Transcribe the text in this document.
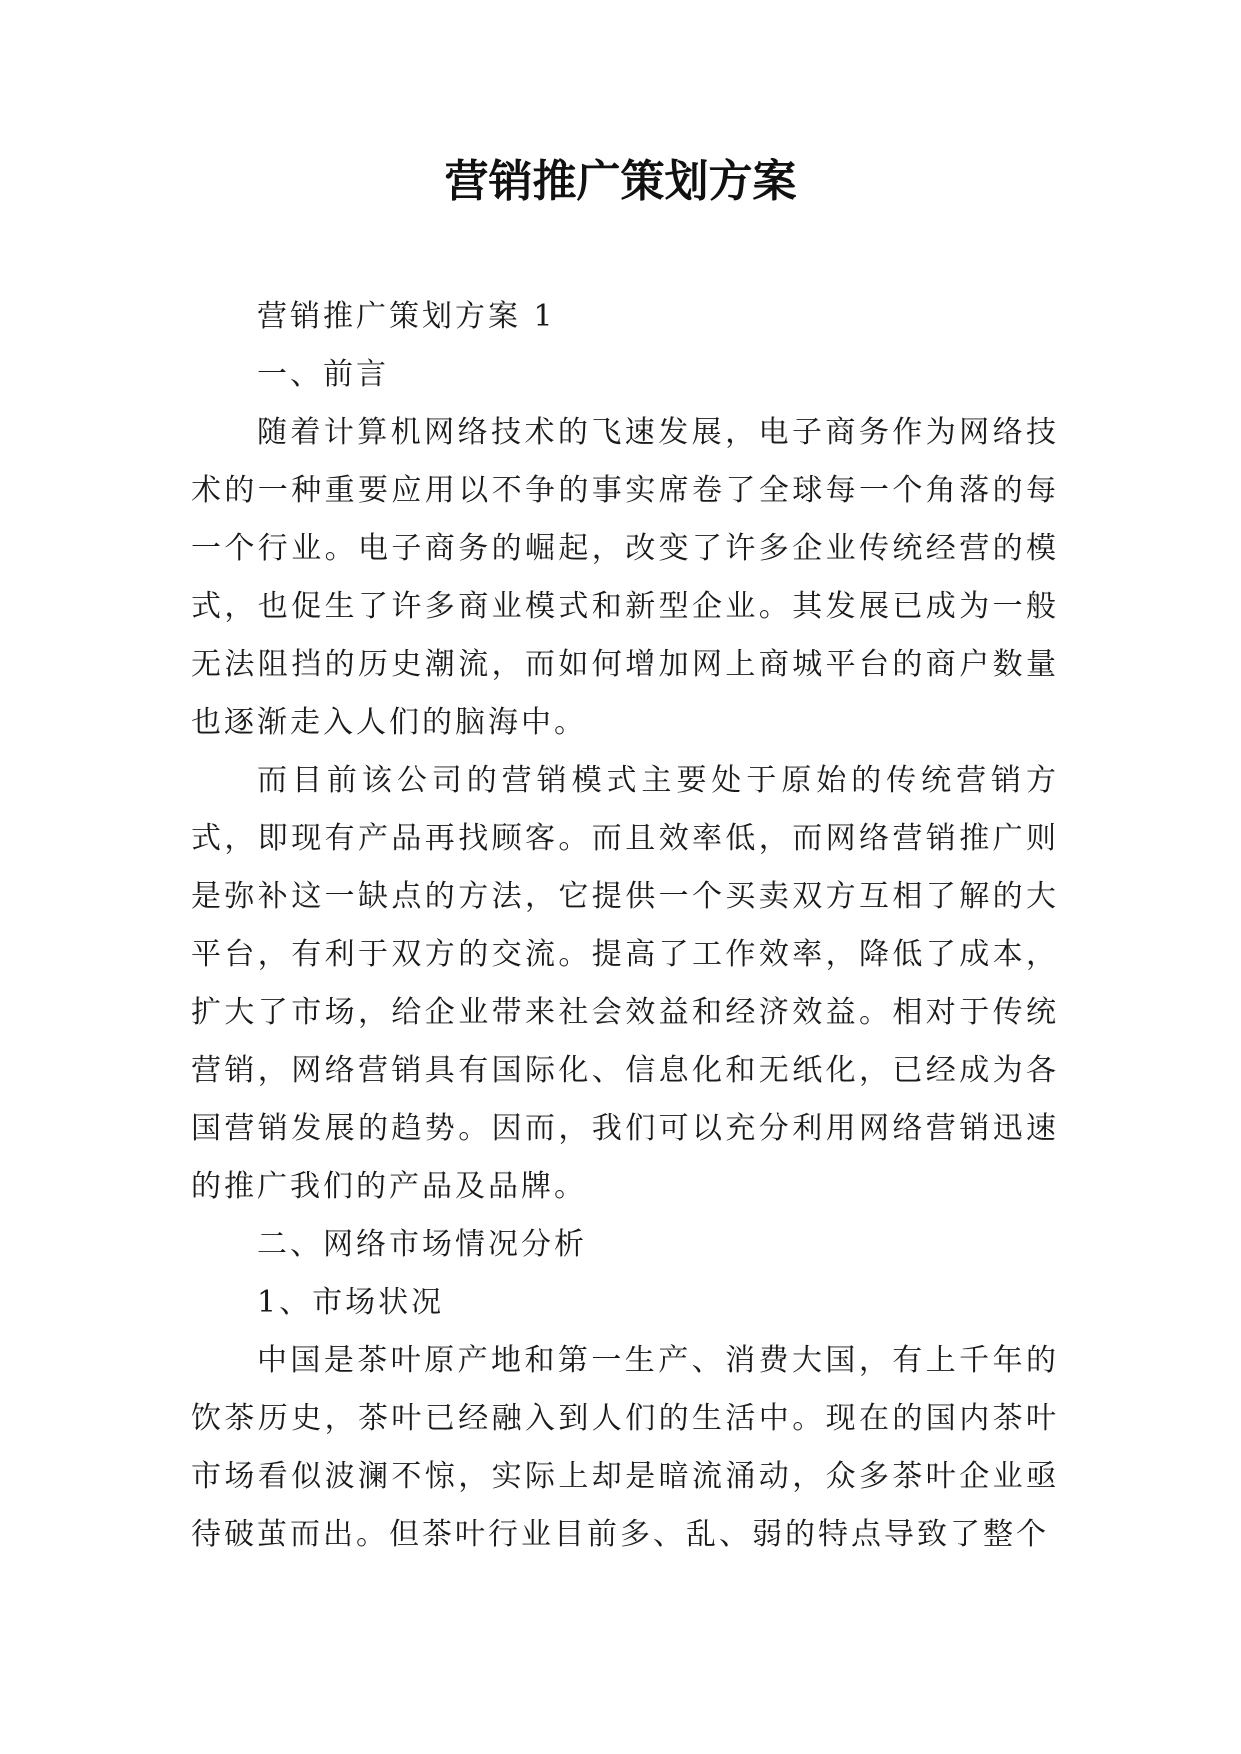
营销推广策划方案

营销推广策划方案 1

一、前言

随着计算机网络技术的飞速发展，电子商务作为网络技术的一种重要应用以不争的事实席卷了全球每一个角落的每一个行业。电子商务的崛起，改变了许多企业传统经营的模式，也促生了许多商业模式和新型企业。其发展已成为一般无法阻挡的历史潮流，而如何增加网上商城平台的商户数量也逐渐走入人们的脑海中。

而目前该公司的营销模式主要处于原始的传统营销方式，即现有产品再找顾客。而且效率低，而网络营销推广则是弥补这一缺点的方法，它提供一个买卖双方互相了解的大平台，有利于双方的交流。提高了工作效率，降低了成本，扩大了市场，给企业带来社会效益和经济效益。相对于传统营销，网络营销具有国际化、信息化和无纸化，已经成为各国营销发展的趋势。因而，我们可以充分利用网络营销迅速的推广我们的产品及品牌。

二、网络市场情况分析

1、市场状况

中国是茶叶原产地和第一生产、消费大国，有上千年的饮茶历史，茶叶已经融入到人们的生活中。现在的国内茶叶市场看似波澜不惊，实际上却是暗流涌动，众多茶叶企业亟待破茧而出。但茶叶行业目前多、乱、弱的特点导致了整个
